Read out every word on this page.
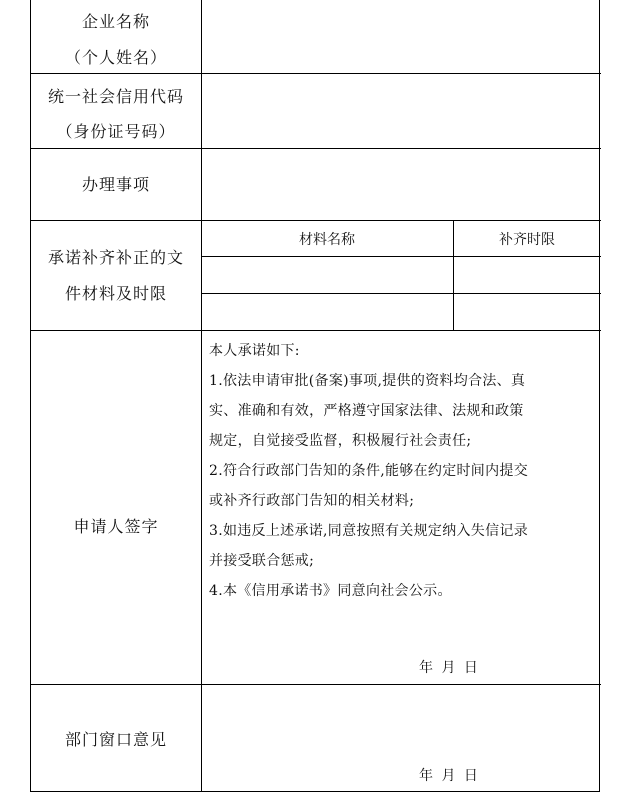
企业名称
（个人姓名）
统一社会信用代码
（身份证号码）
办理事项
承诺补齐补正的文
件材料及时限
材料名称	补齐时限
申请人签字

本人承诺如下:

1.依法申请审批(备案)事项,提供的资料均合法、真

实、准确和有效，严格遵守国家法律、法规和政策

规定，自觉接受监督，积极履行社会责任;

2.符合行政部门告知的条件,能够在约定时间内提交

或补齐行政部门告知的相关材料;

3.如违反上述承诺,同意按照有关规定纳入失信记录

并接受联合惩戒;

4.本《信用承诺书》同意向社会公示。

年 月 日
部门窗口意见
年 月 日
